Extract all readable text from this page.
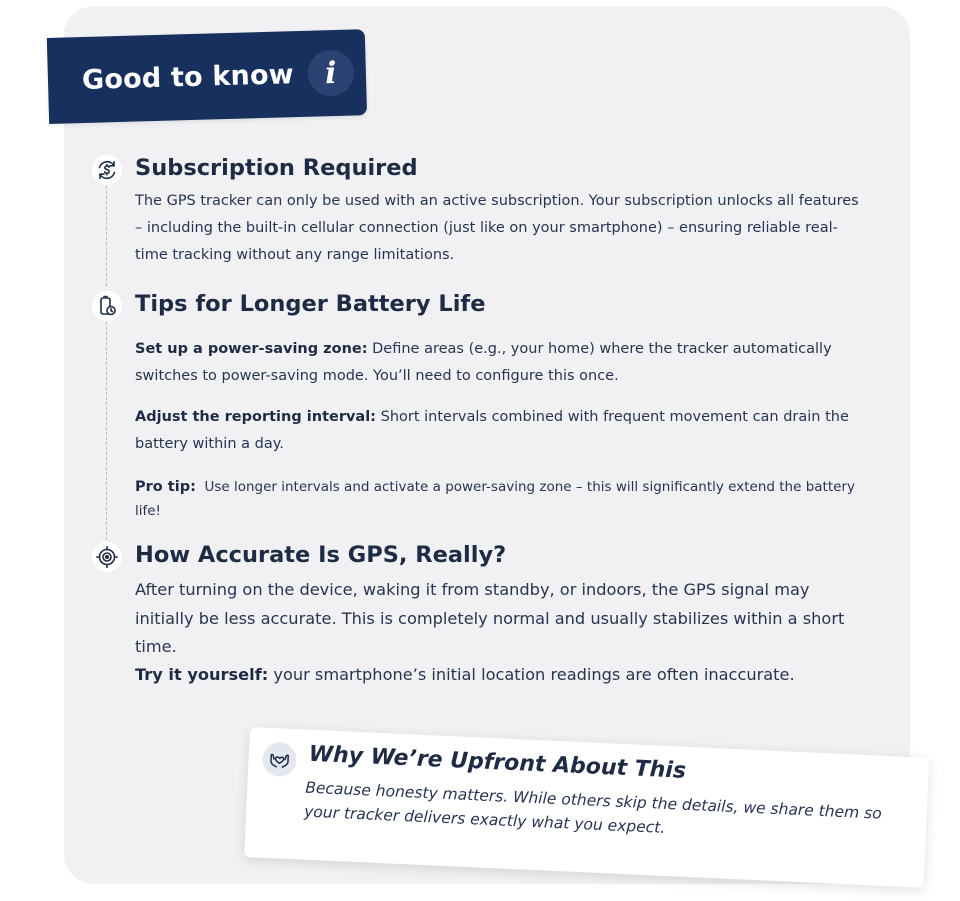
Good to know i
Subscription Required
The GPS tracker can only be used with an active subscription. Your subscription unlocks all features – including the built-in cellular connection (just like on your smartphone) – ensuring reliable real-time tracking without any range limitations.
Tips for Longer Battery Life
Set up a power-saving zone: Define areas (e.g., your home) where the tracker automatically switches to power-saving mode. You’ll need to configure this once.
Adjust the reporting interval: Short intervals combined with frequent movement can drain the battery within a day.
Pro tip:  Use longer intervals and activate a power-saving zone – this will significantly extend the battery life!
How Accurate Is GPS, Really?
After turning on the device, waking it from standby, or indoors, the GPS signal may initially be less accurate. This is completely normal and usually stabilizes within a short time.
Try it yourself: your smartphone’s initial location readings are often inaccurate.
Why We’re Upfront About This
Because honesty matters. While others skip the details, we share them so your tracker delivers exactly what you expect.
